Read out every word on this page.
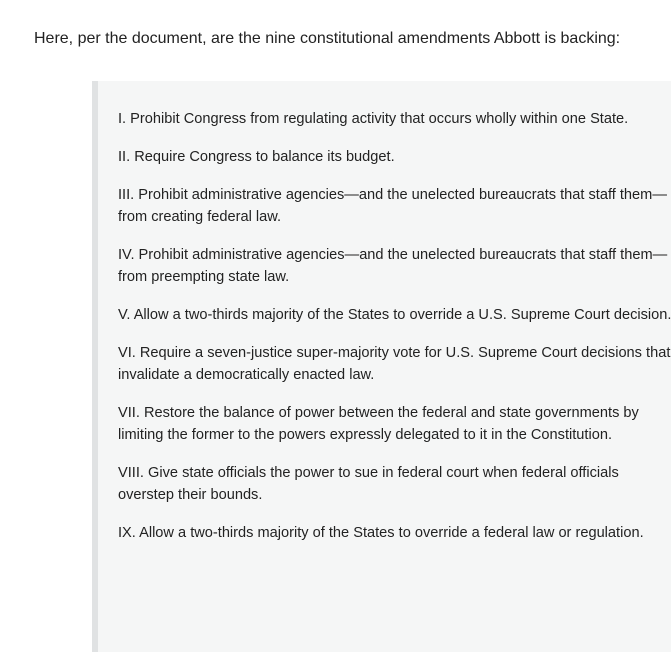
Here, per the document, are the nine constitutional amendments Abbott is backing:

I. Prohibit Congress from regulating activity that occurs wholly within one State.

II. Require Congress to balance its budget.

III. Prohibit administrative agencies—and the unelected bureaucrats that staff them—from creating federal law.

IV. Prohibit administrative agencies—and the unelected bureaucrats that staff them—from preempting state law.

V. Allow a two-thirds majority of the States to override a U.S. Supreme Court decision.

VI. Require a seven-justice super-majority vote for U.S. Supreme Court decisions that invalidate a democratically enacted law.

VII. Restore the balance of power between the federal and state governments by limiting the former to the powers expressly delegated to it in the Constitution.

VIII. Give state officials the power to sue in federal court when federal officials overstep their bounds.

IX. Allow a two-thirds majority of the States to override a federal law or regulation.
